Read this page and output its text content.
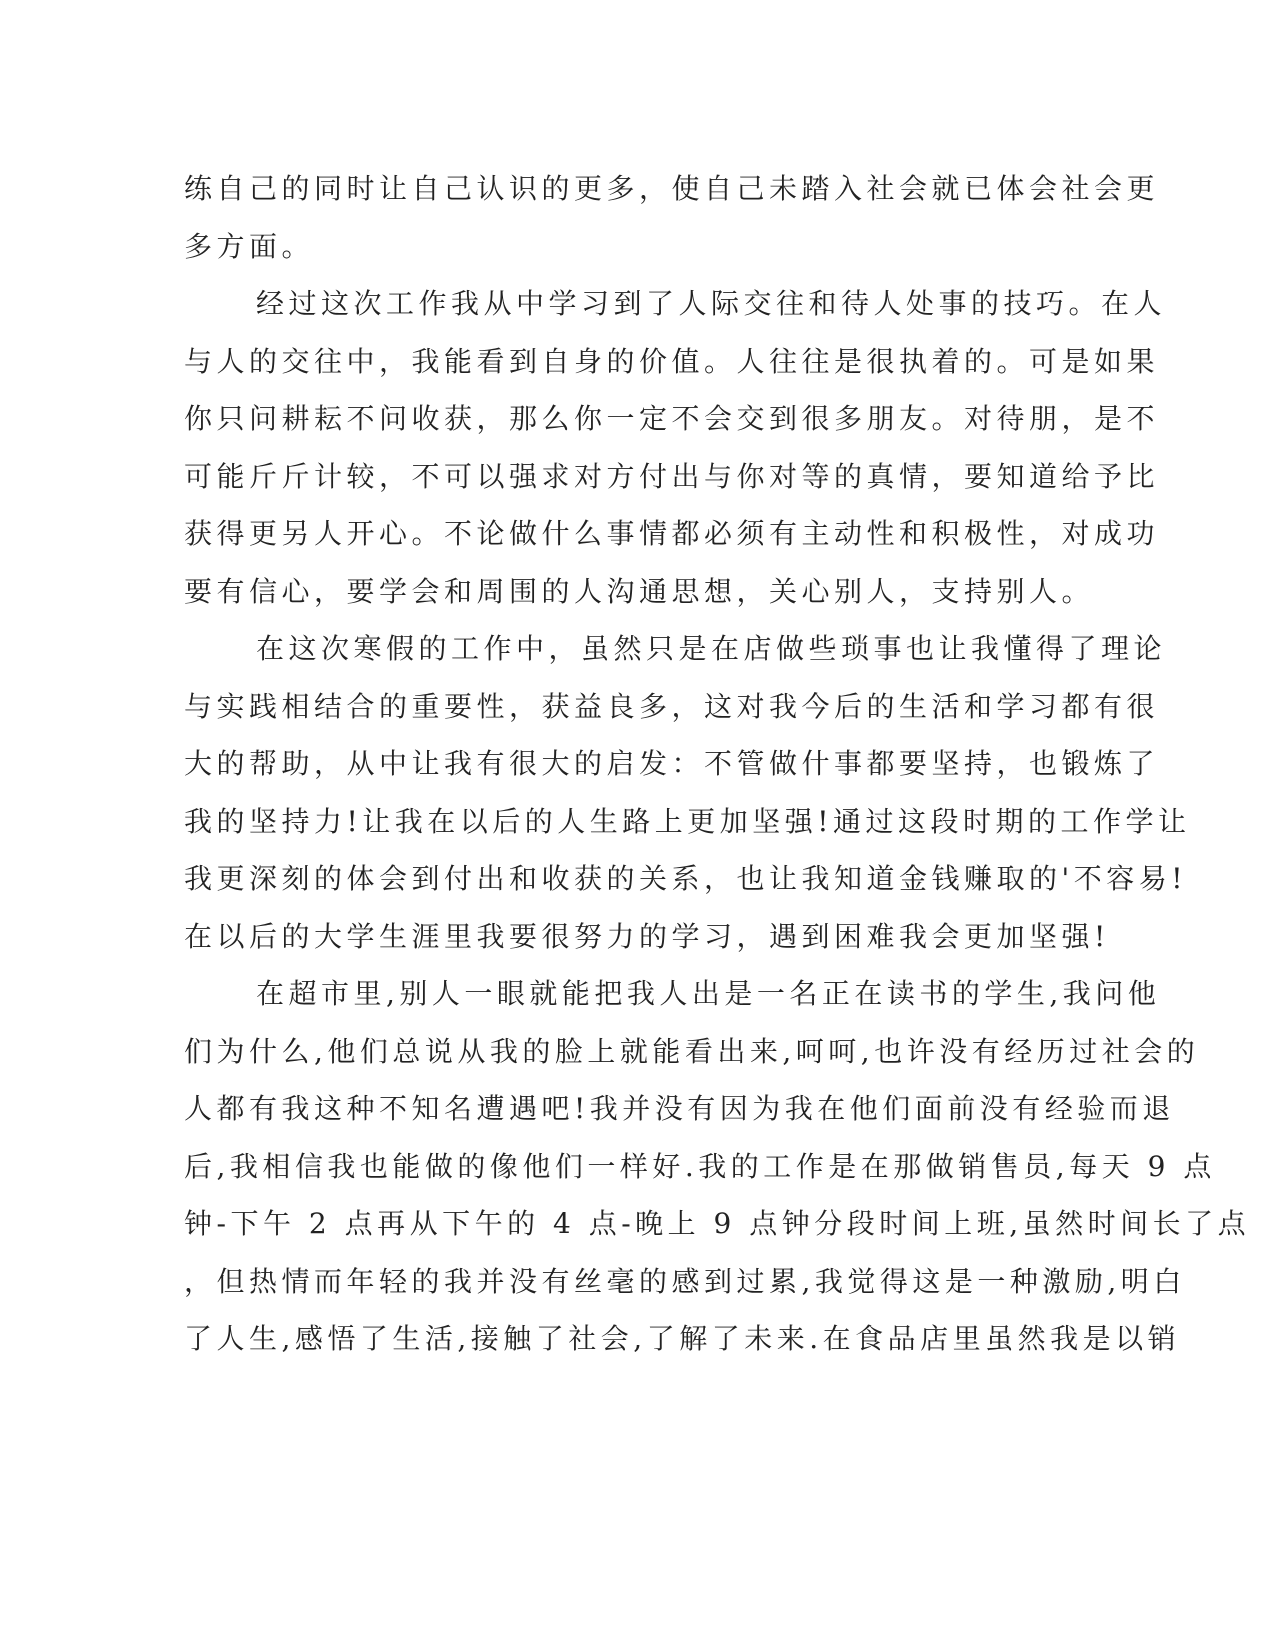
练自己的同时让自己认识的更多，使自己未踏入社会就已体会社会更
多方面。
经过这次工作我从中学习到了人际交往和待人处事的技巧。在人
与人的交往中，我能看到自身的价值。人往往是很执着的。可是如果
你只问耕耘不问收获，那么你一定不会交到很多朋友。对待朋，是不
可能斤斤计较，不可以强求对方付出与你对等的真情，要知道给予比
获得更另人开心。不论做什么事情都必须有主动性和积极性，对成功
要有信心，要学会和周围的人沟通思想，关心别人，支持别人。
在这次寒假的工作中，虽然只是在店做些琐事也让我懂得了理论
与实践相结合的重要性，获益良多，这对我今后的生活和学习都有很
大的帮助，从中让我有很大的启发：不管做什事都要坚持，也锻炼了
我的坚持力!让我在以后的人生路上更加坚强!通过这段时期的工作学让
我更深刻的体会到付出和收获的关系，也让我知道金钱赚取的'不容易!
在以后的大学生涯里我要很努力的学习，遇到困难我会更加坚强!
在超市里,别人一眼就能把我人出是一名正在读书的学生,我问他
们为什么,他们总说从我的脸上就能看出来,呵呵,也许没有经历过社会的
人都有我这种不知名遭遇吧!我并没有因为我在他们面前没有经验而退
后,我相信我也能做的像他们一样好.我的工作是在那做销售员,每天 9 点
钟-下午 2 点再从下午的 4 点-晚上 9 点钟分段时间上班,虽然时间长了点
，但热情而年轻的我并没有丝毫的感到过累,我觉得这是一种激励,明白
了人生,感悟了生活,接触了社会,了解了未来.在食品店里虽然我是以销
